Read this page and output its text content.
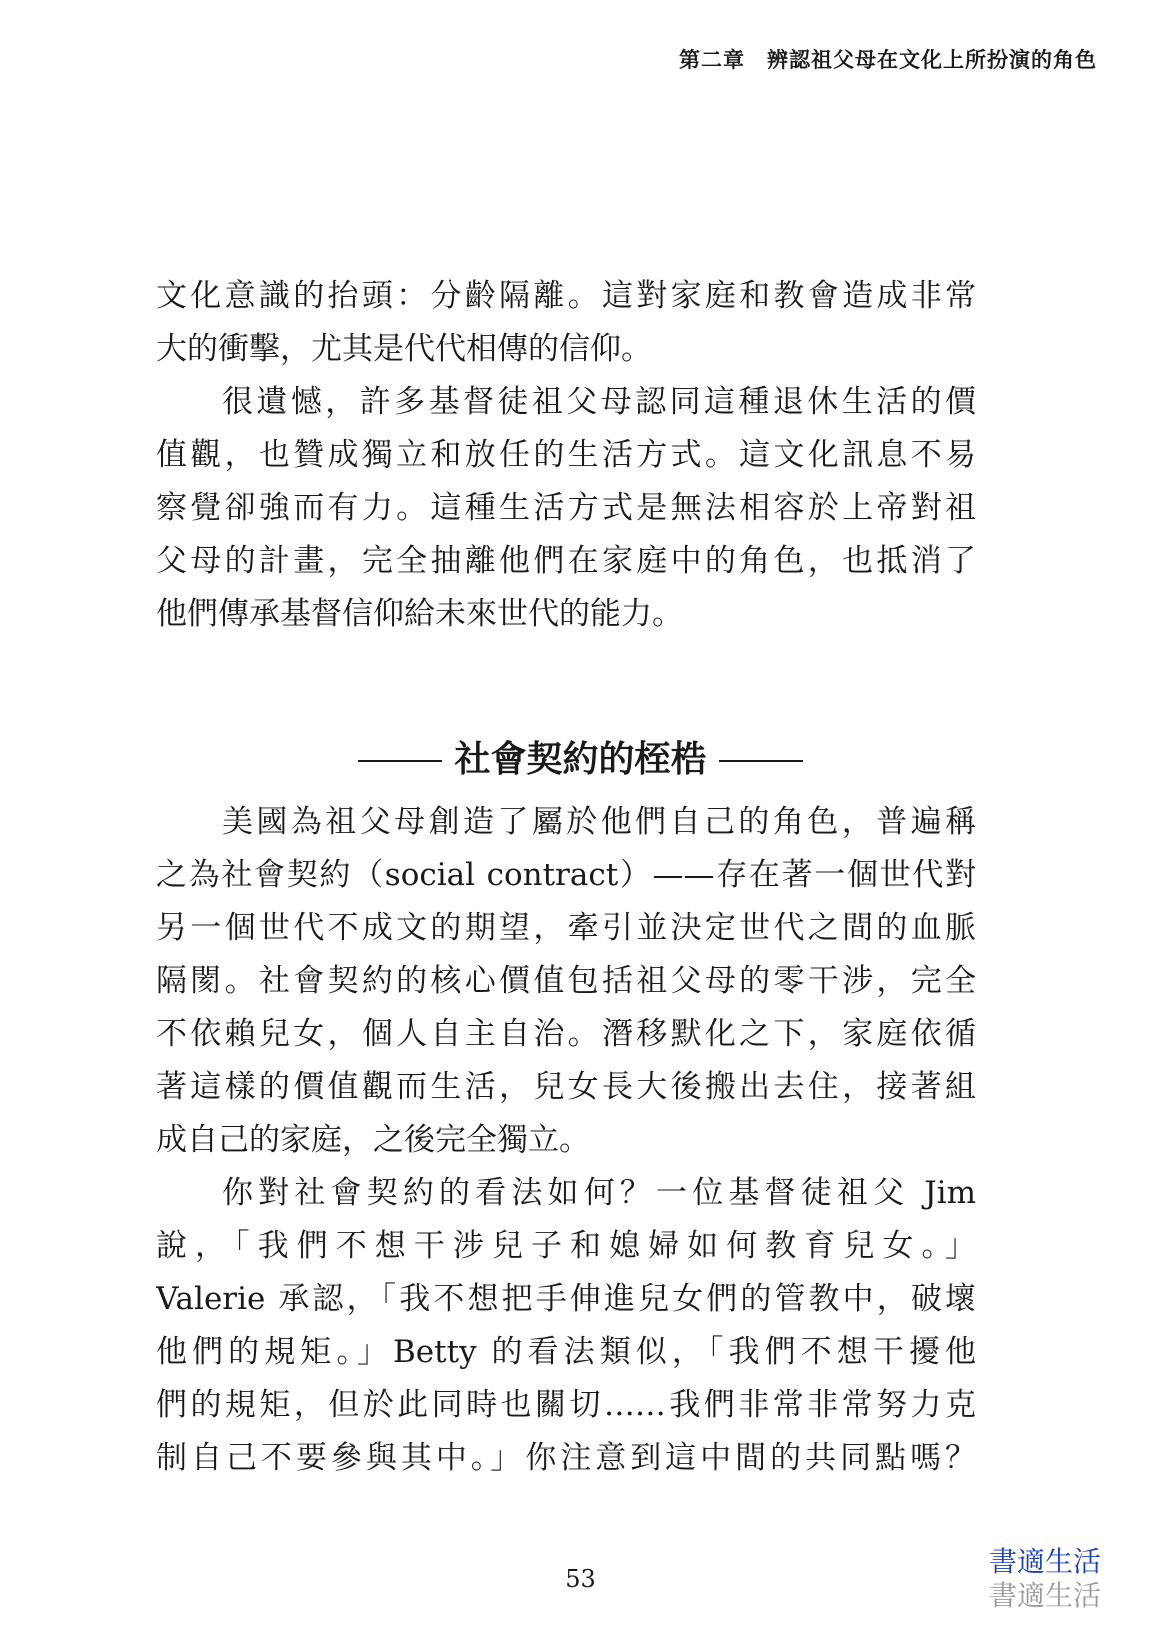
第二章 辨認祖父母在文化上所扮演的角色
文化意識的抬頭：分齡隔離。這對家庭和教會造成非常
大的衝擊，尤其是代代相傳的信仰。
很遺憾，許多基督徒祖父母認同這種退休生活的價
值觀，也贊成獨立和放任的生活方式。這文化訊息不易
察覺卻強而有力。這種生活方式是無法相容於上帝對祖
父母的計畫，完全抽離他們在家庭中的角色，也抵消了
他們傳承基督信仰給未來世代的能力。
社會契約的桎梏
美國為祖父母創造了屬於他們自己的角色，普遍稱
之為社會契約（social contract）——存在著一個世代對
另一個世代不成文的期望，牽引並決定世代之間的血脈
隔閡。社會契約的核心價值包括祖父母的零干涉，完全
不依賴兒女，個人自主自治。潛移默化之下，家庭依循
著這樣的價值觀而生活，兒女長大後搬出去住，接著組
成自己的家庭，之後完全獨立。
你對社會契約的看法如何？一位基督徒祖父 Jim
說，「我們不想干涉兒子和媳婦如何教育兒女。」
Valerie 承認，「我不想把手伸進兒女們的管教中，破壞
他們的規矩。」Betty 的看法類似，「我們不想干擾他
們的規矩，但於此同時也關切……我們非常非常努力克
制自己不要參與其中。」你注意到這中間的共同點嗎？
53
書適生活
書適生活
